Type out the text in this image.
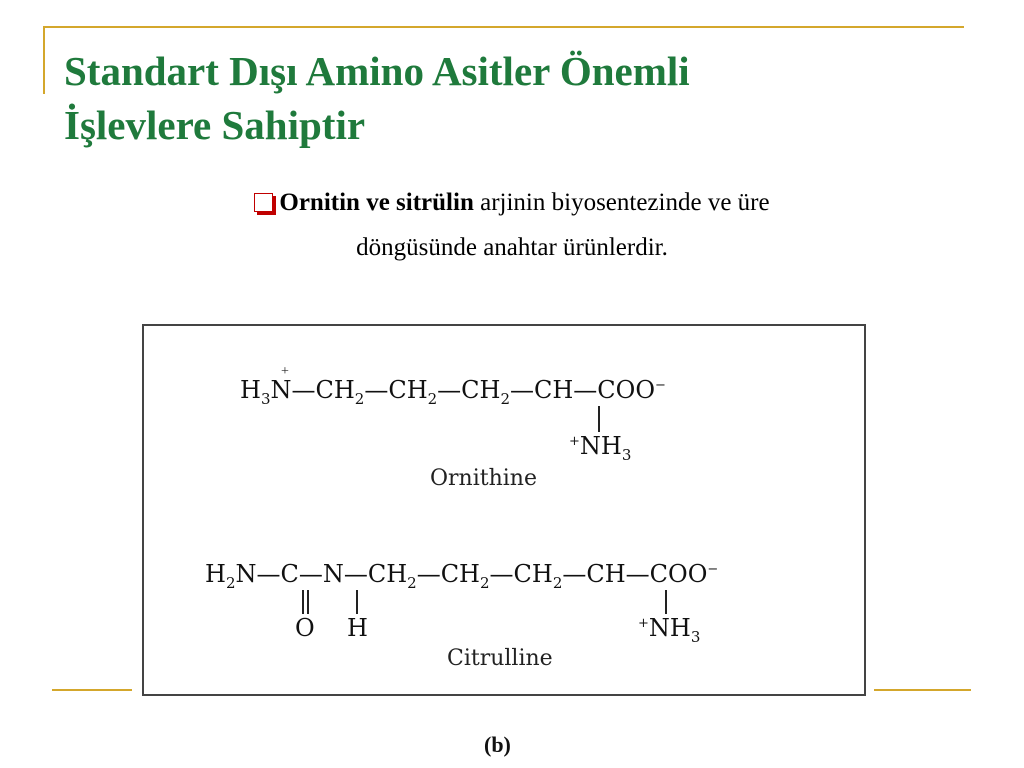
Standart Dışı Amino Asitler Önemli
İşlevlere Sahiptir
Ornitin ve sitrülin arjinin biyosentezinde ve üre
döngüsünde anahtar ürünlerdir.
+
$H_3N—CH_2—CH_2—CH_2—CH—COO^-$
$^+NH_3$
Ornithine
$H_2N—C—N—CH_2—CH_2—CH_2—CH—COO^-$
O H	$^+NH_3$
Citrulline
(b)
